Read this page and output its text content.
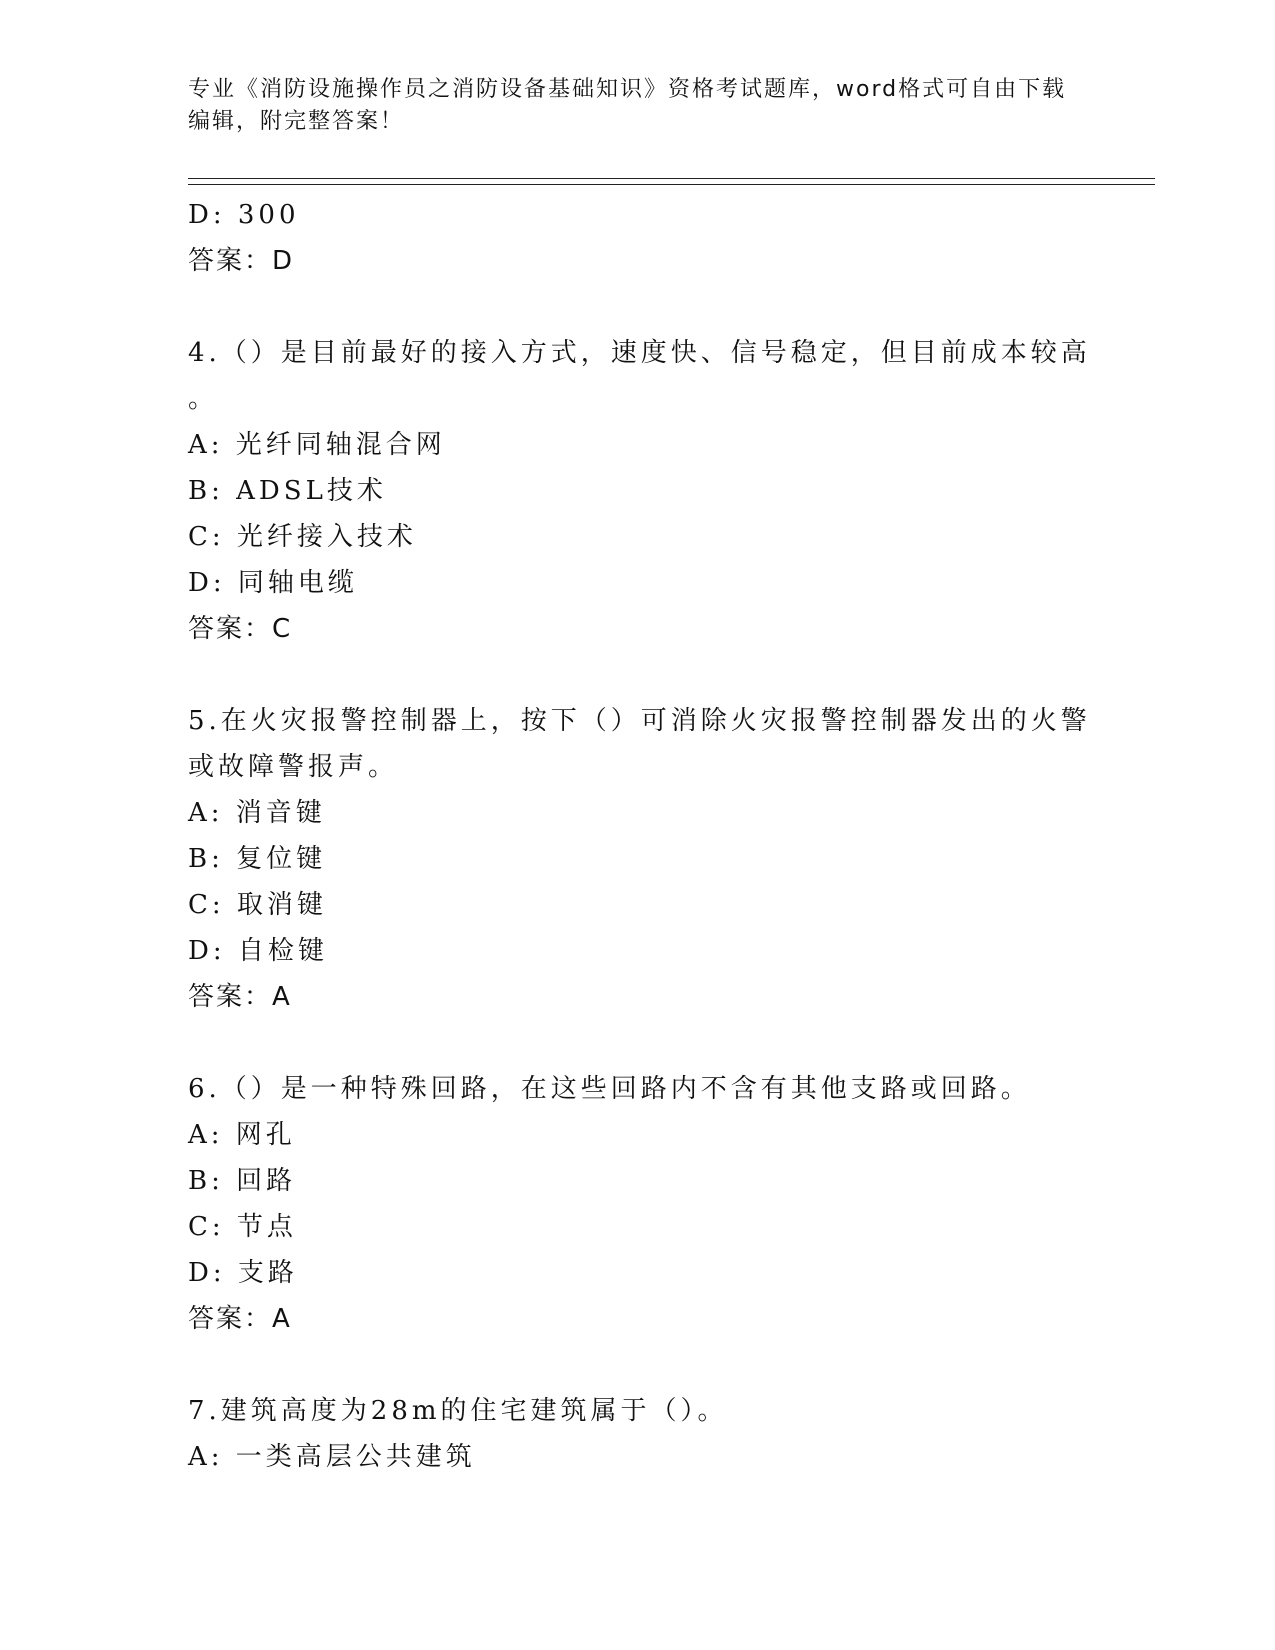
专业《消防设施操作员之消防设备基础知识》资格考试题库，word格式可自由下载编辑，附完整答案！
D: 300
答案：D
4.（）是目前最好的接入方式，速度快、信号稳定，但目前成本较高
。
A: 光纤同轴混合网
B: ADSL技术
C: 光纤接入技术
D: 同轴电缆
答案：C
5.在火灾报警控制器上，按下（）可消除火灾报警控制器发出的火警
或故障警报声。
A: 消音键
B: 复位键
C: 取消键
D: 自检键
答案：A
6.（）是一种特殊回路，在这些回路内不含有其他支路或回路。
A: 网孔
B: 回路
C: 节点
D: 支路
答案：A
7.建筑高度为28m的住宅建筑属于（）。
A: 一类高层公共建筑
